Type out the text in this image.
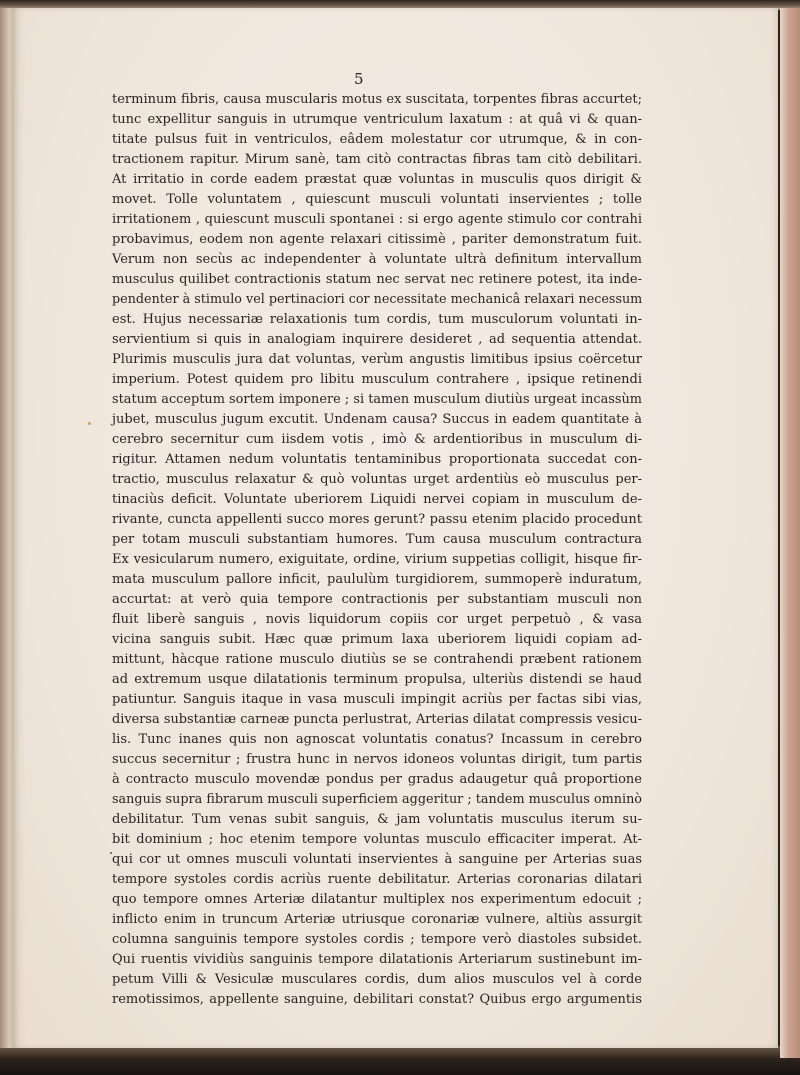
5
terminum fibris, causa muscularis motus ex suscitata, torpentes fibras accurtet;
tunc expellitur sanguis in utrumque ventriculum laxatum : at quâ vi & quan-
titate pulsus fuit in ventriculos, eâdem molestatur cor utrumque, & in con-
tractionem rapitur. Mirum sanè, tam citò contractas fibras tam citò debilitari.
At irritatio in corde eadem præstat quæ voluntas in musculis quos dirigit &
movet. Tolle voluntatem , quiescunt musculi voluntati inservientes ; tolle
irritationem , quiescunt musculi spontanei : si ergo agente stimulo cor contrahi
probavimus, eodem non agente relaxari citissimè , pariter demonstratum fuit.
Verum non secùs ac independenter à voluntate ultrà definitum intervallum
musculus quilibet contractionis statum nec servat nec retinere potest, ita inde-
pendenter à stimulo vel pertinaciori cor necessitate mechanicâ relaxari necessum
est. Hujus necessariæ relaxationis tum cordis, tum musculorum voluntati in-
servientium si quis in analogiam inquirere desideret , ad sequentia attendat.
Plurimis musculis jura dat voluntas, verùm angustis limitibus ipsius coërcetur
imperium. Potest quidem pro libitu musculum contrahere , ipsique retinendi
statum acceptum sortem imponere ; si tamen musculum diutiùs urgeat incassùm
jubet, musculus jugum excutit. Undenam causa? Succus in eadem quantitate à
cerebro secernitur cum iisdem votis , imò & ardentioribus in musculum di-
rigitur. Attamen nedum voluntatis tentaminibus proportionata succedat con-
tractio, musculus relaxatur & quò voluntas urget ardentiùs eò musculus per-
tinaciùs deficit. Voluntate uberiorem Liquidi nervei copiam in musculum de-
rivante, cuncta appellenti succo mores gerunt? passu etenim placido procedunt
per totam musculi substantiam humores. Tum causa musculum contractura
Ex vesicularum numero, exiguitate, ordine, virium suppetias colligit, hisque fir-
mata musculum pallore inficit, paululùm turgidiorem, summoperè induratum,
accurtat: at verò quia tempore contractionis per substantiam musculi non
fluit liberè sanguis , novis liquidorum copiis cor urget perpetuò , & vasa
vicina sanguis subit. Hæc quæ primum laxa uberiorem liquidi copiam ad-
mittunt, hàcque ratione musculo diutiùs se se contrahendi præbent rationem
ad extremum usque dilatationis terminum propulsa, ulteriùs distendi se haud
patiuntur. Sanguis itaque in vasa musculi impingit acriùs per factas sibi vias,
diversa substantiæ carneæ puncta perlustrat, Arterias dilatat compressis vesicu-
lis. Tunc inanes quis non agnoscat voluntatis conatus? Incassum in cerebro
succus secernitur ; frustra hunc in nervos idoneos voluntas dirigit, tum partis
à contracto musculo movendæ pondus per gradus adaugetur quâ proportione
sanguis supra fibrarum musculi superficiem aggeritur ; tandem musculus omninò
debilitatur. Tum venas subit sanguis, & jam voluntatis musculus iterum su-
bit dominium ; hoc etenim tempore voluntas musculo efficaciter imperat. At-
qui cor ut omnes musculi voluntati inservientes à sanguine per Arterias suas
tempore systoles cordis acriùs ruente debilitatur. Arterias coronarias dilatari
quo tempore omnes Arteriæ dilatantur multiplex nos experimentum edocuit ;
inflicto enim in truncum Arteriæ utriusque coronariæ vulnere, altiùs assurgit
columna sanguinis tempore systoles cordis ; tempore verò diastoles subsidet.
Qui ruentis vividiùs sanguinis tempore dilatationis Arteriarum sustinebunt im-
petum Villi & Vesiculæ musculares cordis, dum alios musculos vel à corde
remotissimos, appellente sanguine, debilitari constat? Quibus ergo argumentis
